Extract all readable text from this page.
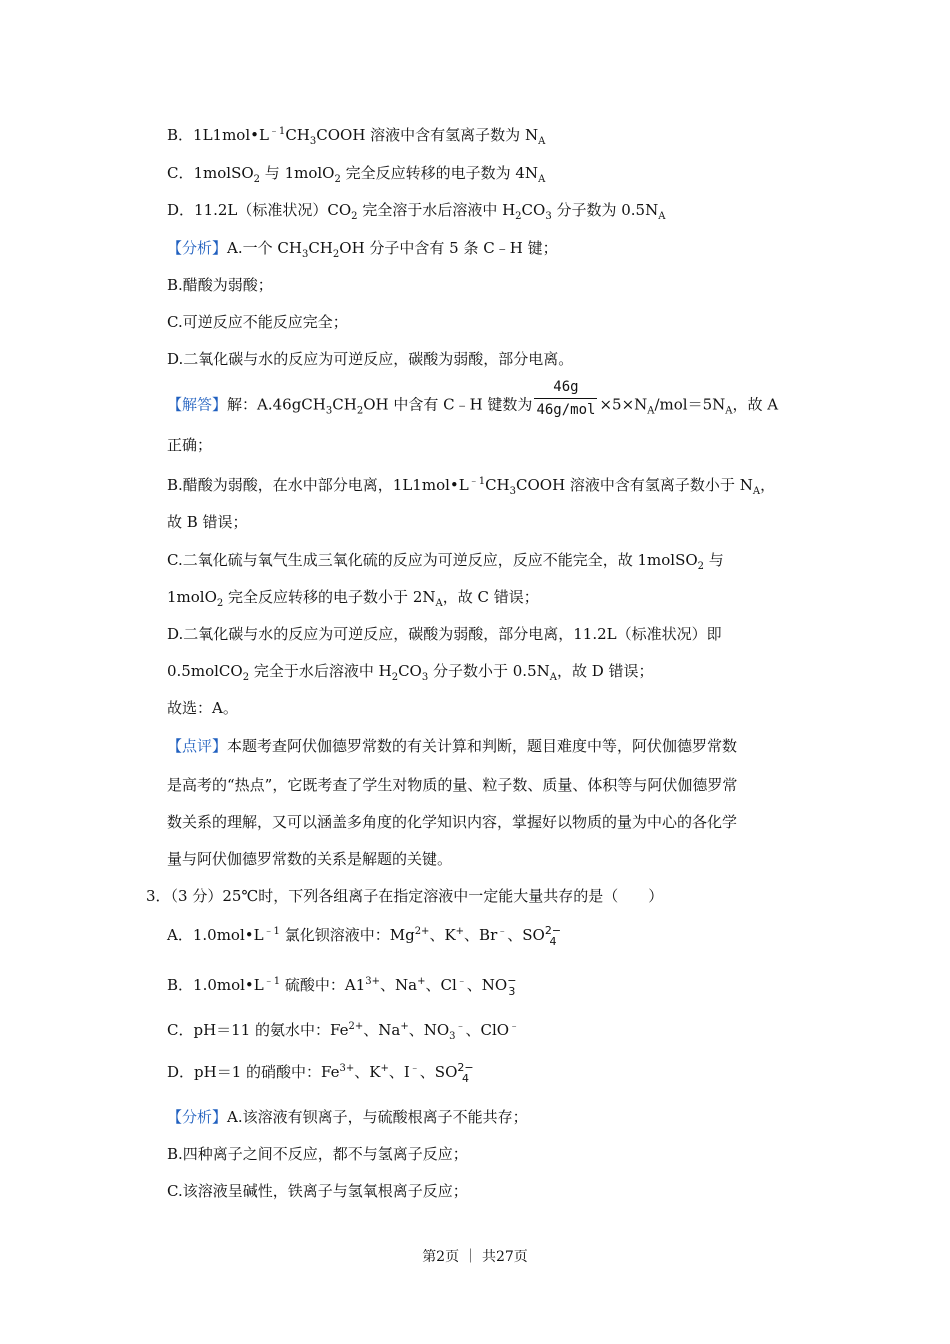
B．$1L1mol•L^{﹣1}CH_3COOH$ 溶液中含有氢离子数为 $N_A$
C．1molSO$_2$ 与 1molO$_2$ 完全反应转移的电子数为 $4N_A$
D．11.2L（标准状况）$CO_2$ 完全溶于水后溶液中 $H_2CO_3$ 分子数为 $0.5N_A$
【分析】A.一个 $CH_3CH_2OH$ 分子中含有 5 条 C﹣H 键；
B.醋酸为弱酸；
C.可逆反应不能反应完全；
D.二氧化碳与水的反应为可逆反应，碳酸为弱酸，部分电离。
【解答】解：$A.46gCH_3CH_2OH$ 中含有 C﹣H 键数为 $\frac{46g}{\text{46g/mol}} \times 5\times N_A/mol=5N_A$，故 A
正确；
B.醋酸为弱酸，在水中部分电离，$1L1mol•L^{﹣1}CH_3COOH$ 溶液中含有氢离子数小于 $N_A$，
故 B 错误；
C.二氧化硫与氧气生成三氧化硫的反应为可逆反应，反应不能完全，故 1molSO$_2$ 与
1molO$_2$ 完全反应转移的电子数小于 $2N_A$，故 C 错误；
D.二氧化碳与水的反应为可逆反应，碳酸为弱酸，部分电离，11.2L（标准状况）即
0.5molCO$_2$ 完全于水后溶液中 $H_2CO_3$ 分子数小于 $0.5N_A$，故 D 错误；
故选：A。
【点评】本题考查阿伏伽德罗常数的有关计算和判断，题目难度中等，阿伏伽德罗常数
是高考的“热点”，它既考查了学生对物质的量、粒子数、质量、体积等与阿伏伽德罗常
数关系的理解，又可以涵盖多角度的化学知识内容，掌握好以物质的量为中心的各化学
量与阿伏伽德罗常数的关系是解题的关键。
3．（3 分）25℃时，下列各组离子在指定溶液中一定能大量共存的是（　　）
A．$1.0mol•L^{﹣1}$ 氯化钡溶液中：$Mg^{2+}$、K+、Br﹣、SO 2−
4
B．$1.0mol•L^{﹣1}$ 硫酸中：$A1^{3+}$、Na+、Cl﹣、NO −
3
C．pH＝11 的氨水中：$Fe^{2+}$、Na+、$NO_3^﹣$、ClO﹣
D．pH＝1 的硝酸中：$Fe^{3+}$、K+、I﹣、SO 2−
4
【分析】A.该溶液有钡离子，与硫酸根离子不能共存；
B.四种离子之间不反应，都不与氢离子反应；
C.该溶液呈碱性，铁离子与氢氧根离子反应；
第2页 ｜ 共27页
